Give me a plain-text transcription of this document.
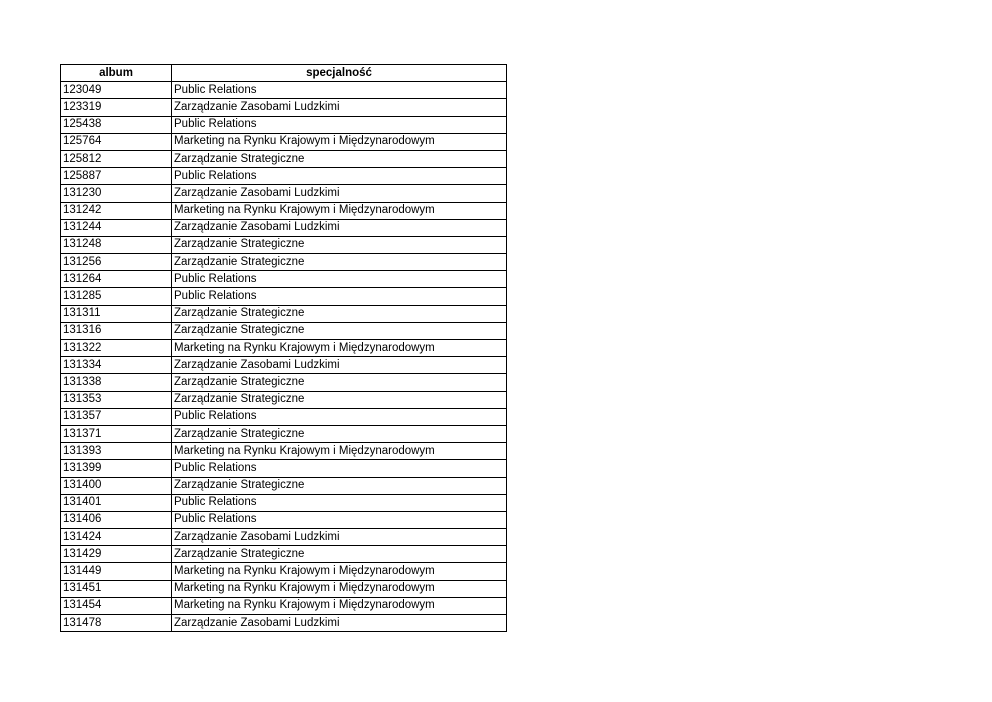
album	specjalność
123049	Public Relations
123319	Zarządzanie Zasobami Ludzkimi
125438	Public Relations
125764	Marketing na Rynku Krajowym i Międzynarodowym
125812	Zarządzanie Strategiczne
125887	Public Relations
131230	Zarządzanie Zasobami Ludzkimi
131242	Marketing na Rynku Krajowym i Międzynarodowym
131244	Zarządzanie Zasobami Ludzkimi
131248	Zarządzanie Strategiczne
131256	Zarządzanie Strategiczne
131264	Public Relations
131285	Public Relations
131311	Zarządzanie Strategiczne
131316	Zarządzanie Strategiczne
131322	Marketing na Rynku Krajowym i Międzynarodowym
131334	Zarządzanie Zasobami Ludzkimi
131338	Zarządzanie Strategiczne
131353	Zarządzanie Strategiczne
131357	Public Relations
131371	Zarządzanie Strategiczne
131393	Marketing na Rynku Krajowym i Międzynarodowym
131399	Public Relations
131400	Zarządzanie Strategiczne
131401	Public Relations
131406	Public Relations
131424	Zarządzanie Zasobami Ludzkimi
131429	Zarządzanie Strategiczne
131449	Marketing na Rynku Krajowym i Międzynarodowym
131451	Marketing na Rynku Krajowym i Międzynarodowym
131454	Marketing na Rynku Krajowym i Międzynarodowym
131478	Zarządzanie Zasobami Ludzkimi
